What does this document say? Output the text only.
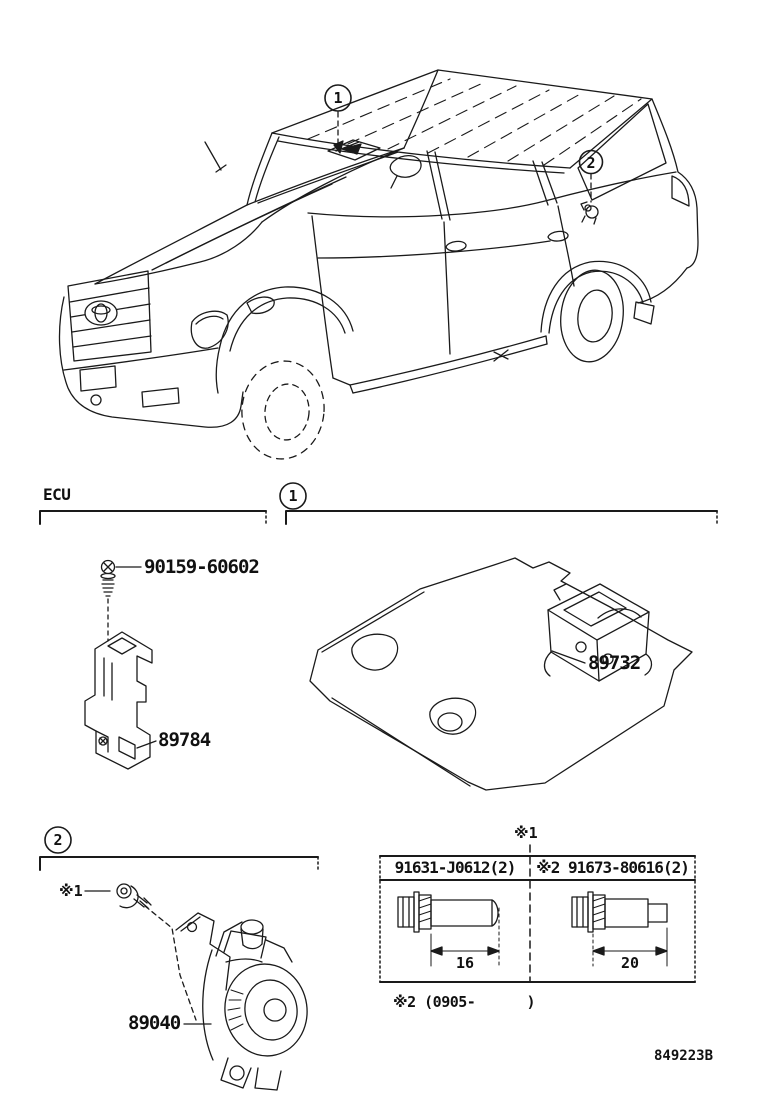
ECU
1
2
1
2
90159-60602
89784
89732
89040
※1
※1
91631-J0612(2)	※2 91673-80616(2)
16	20
※2 (0905-      )
849223B
